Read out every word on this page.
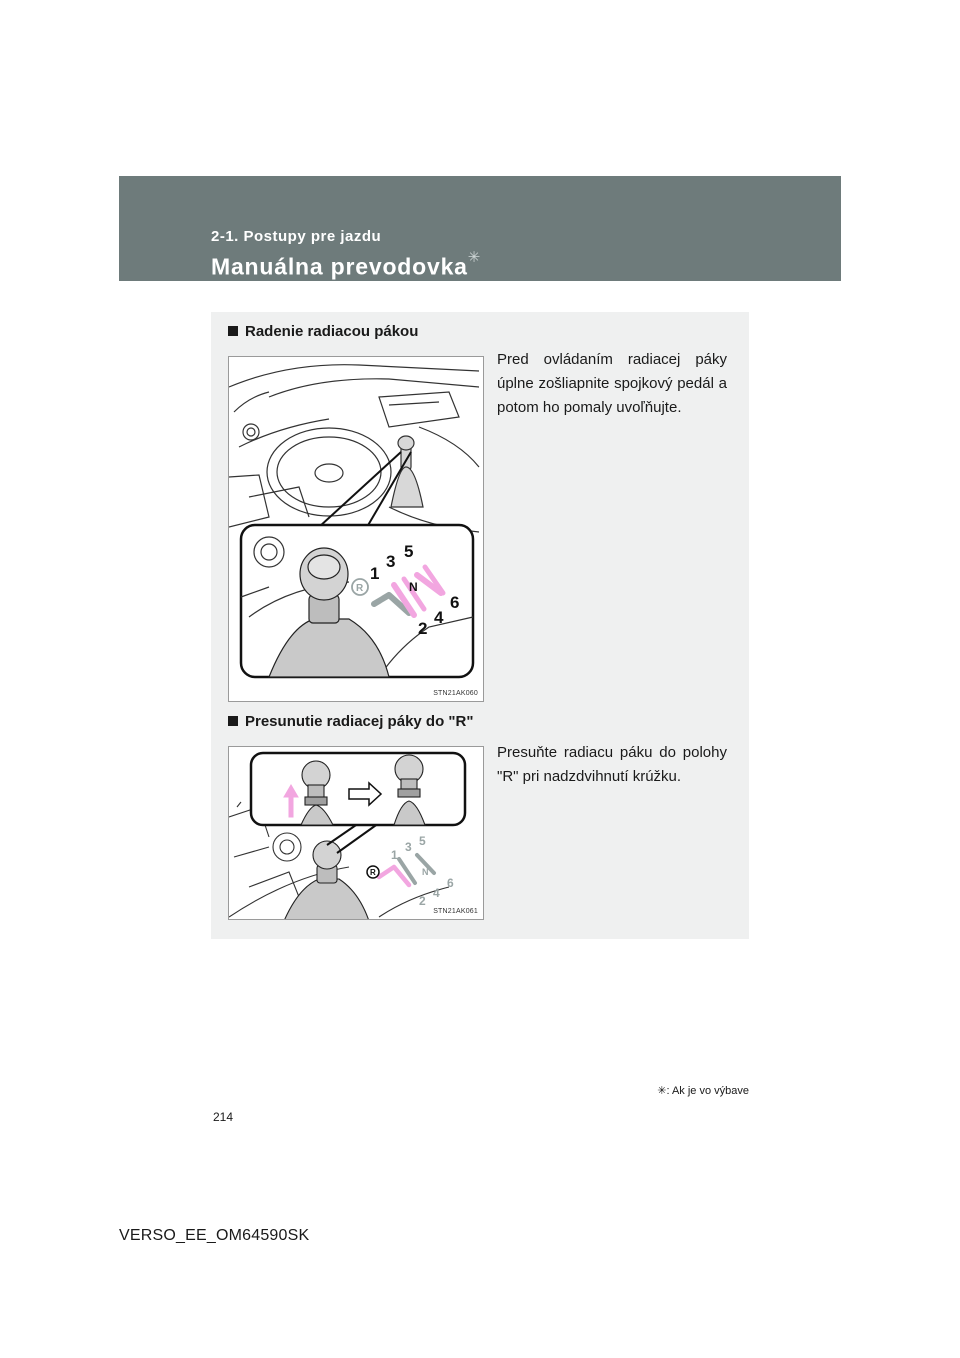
2-1. Postupy pre jazdu
Manuálna prevodovka✳
Radenie radiacou pákou
Pred ovládaním radiacej páky úplne zošliapnite spojkový pedál a potom ho pomaly uvoľňujte.
R
1
3
5
2
4
6
N
STN21AK060
Presunutie radiacej páky do "R"
Presuňte radiacu páku do polohy "R" pri nadzdvihnutí krúžku.
R
1
3 5
2
4
6
N
STN21AK061
✳: Ak je vo výbave
214
VERSO_EE_OM64590SK
